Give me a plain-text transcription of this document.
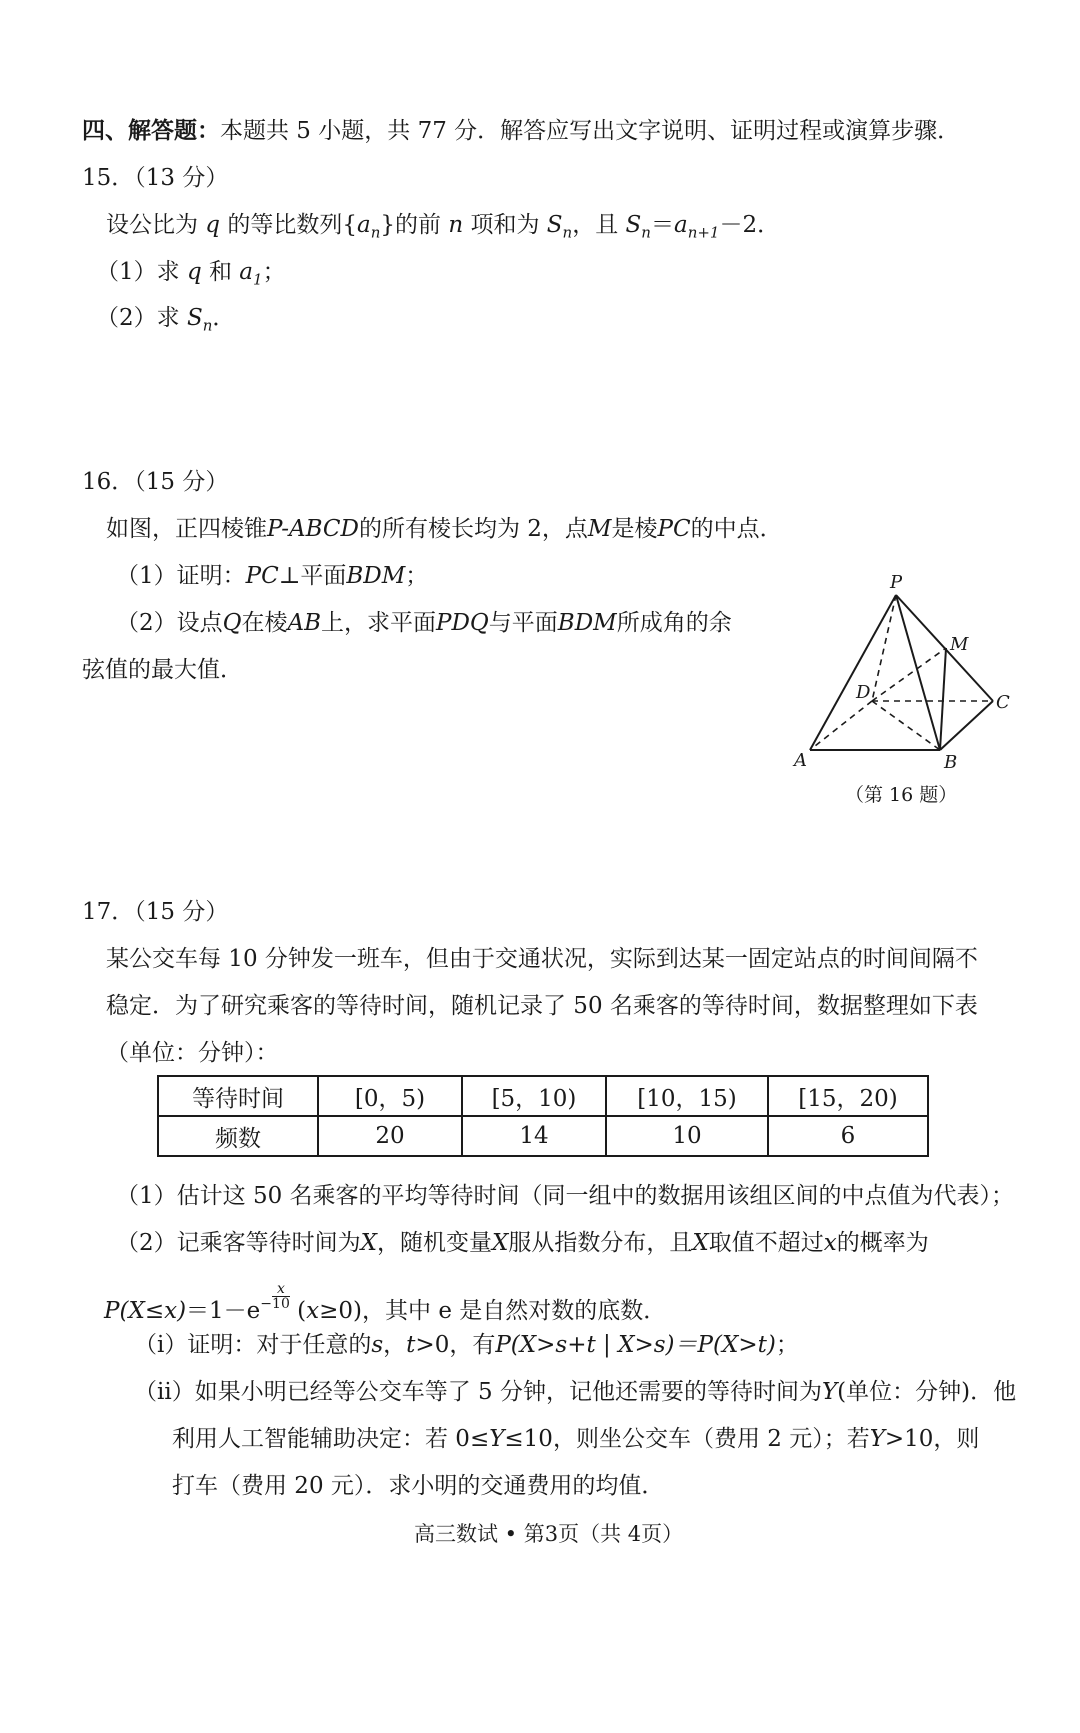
四、解答题：本题共 5 小题，共 77 分．解答应写出文字说明、证明过程或演算步骤．
15．（13 分）
设公比为 q 的等比数列$\{a_n\}$的前 n 项和为 $S_n$，且 $S_n=a_{n+1}-2$．
（1）求 q 和 $a_1$；
（2）求 $S_n$．
16．（15 分）
如图，正四棱锥P-ABCD的所有棱长均为 2，点M是棱PC的中点．
（1）证明：PC⊥平面BDM；
（2）设点Q在棱AB上，求平面PDQ与平面BDM所成角的余
弦值的最大值．
P
M
D	C
A	B
（第 16 题）
17．（15 分）
某公交车每 10 分钟发一班车，但由于交通状况，实际到达某一固定站点的时间间隔不
稳定．为了研究乘客的等待时间，随机记录了 50 名乘客的等待时间，数据整理如下表
（单位：分钟）：
等待时间	[0，5)	[5，10)	[10，15)	[15，20)
频数	20	14	10	6
（1）估计这 50 名乘客的平均等待时间（同一组中的数据用该组区间的中点值为代表）；
（2）记乘客等待时间为X，随机变量X服从指数分布，且X取值不超过x的概率为
$P(X\le x)=1-e- \frac{x}{10} (x\ge 0)$，其中 e 是自然对数的底数．
（i）证明：对于任意的s，t>0，有P(X>s+t | X>s)＝P(X>t)；
（ii）如果小明已经等公交车等了 5 分钟，记他还需要的等待时间为Y(单位：分钟)．他
利用人工智能辅助决定：若 0≤Y≤10，则坐公交车（费用 2 元）；若Y>10，则
打车（费用 20 元）．求小明的交通费用的均值．
高三数试 • 第3页（共 4页）
